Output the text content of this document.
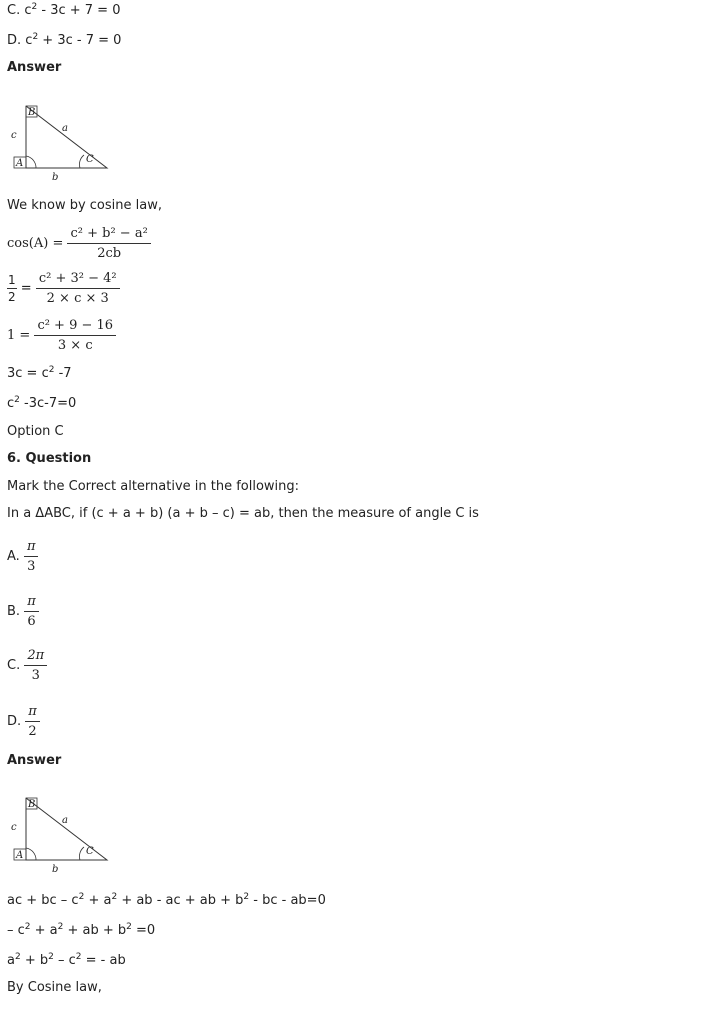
C. $c^2 - 3c + 7 = 0$
D. $c^2 + 3c - 7 = 0$
Answer
B
A	C
a
b
c
We know by cosine law,
$\cos(A) = \frac{\text{c² + b² − a²}}{2cb}$
$\frac{1}{2} = \frac{\text{c² + 3² − 4²}}{2 \times c \times 3}$
$1 = \frac{\text{c² + 9 − 16}}{3 \times c}$
$3c = c^2$ -7
$c^2$ -3c-7=0
Option C
6. Question
Mark the Correct alternative in the following:
In a ΔABC, if (c + a + b) (a + b – c) = ab, then the measure of angle C is
A. $\frac{\pi}{3}$
B. $\frac{\pi}{6}$
C. $\frac{2\pi}{3}$
D. $\frac{\pi}{2}$
Answer
B
A	C
a
b
c
ac + bc – $c^2 + a^2$ + ab - ac + ab + $b^2$ - bc - ab=0
– $c^2 + a^2$ + ab + $b^2 =0$
$a^2 + b^2 - c^2$ = - ab
By Cosine law,
